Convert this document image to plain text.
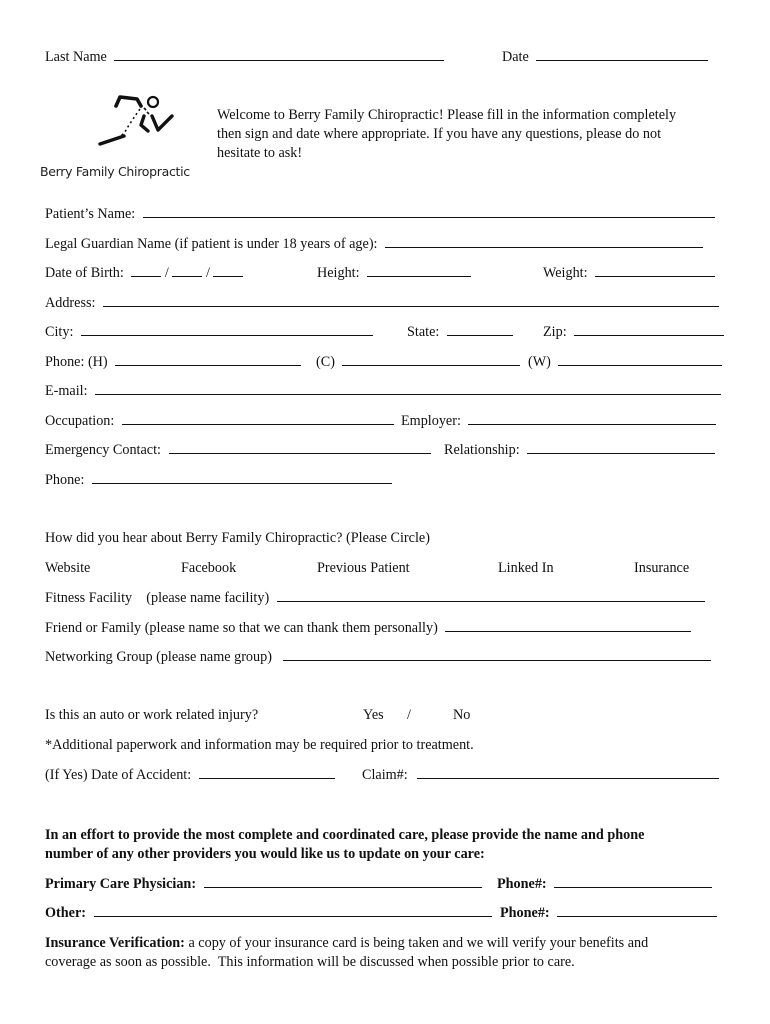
Last Name	Date
Berry Family Chiropractic
Welcome to Berry Family Chiropractic! Please fill in the information completely
then sign and date where appropriate. If you have any questions, please do not
hesitate to ask!
Patient’s Name:
Legal Guardian Name (if patient is under 18 years of age):
Date of Birth:	/	/	Height:	Weight:
Address:
City:	State:	Zip:
Phone: (H)	(C)	(W)
E-mail:
Occupation:	Employer:
Emergency Contact:	Relationship:
Phone:
How did you hear about Berry Family Chiropractic? (Please Circle)
Website	Facebook	Previous Patient	Linked In	Insurance
Fitness Facility    (please name facility)
Friend or Family (please name so that we can thank them personally)
Networking Group (please name group)
Is this an auto or work related injury?	Yes /	No
*Additional paperwork and information may be required prior to treatment.
(If Yes) Date of Accident:	Claim#:
In an effort to provide the most complete and coordinated care, please provide the name and phone
number of any other providers you would like us to update on your care:
Primary Care Physician:	Phone#:
Other:	Phone#:
Insurance Verification: a copy of your insurance card is being taken and we will verify your benefits and
coverage as soon as possible.  This information will be discussed when possible prior to care.
